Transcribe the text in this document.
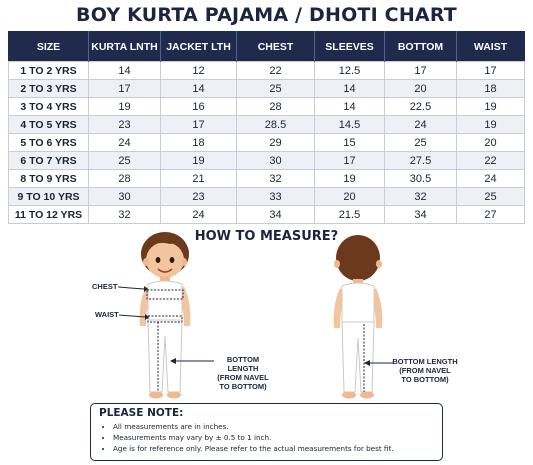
BOY KURTA PAJAMA / DHOTI CHART
SIZE	KURTA LNTH	JACKET LTH	CHEST	SLEEVES	BOTTOM	WAIST
1 TO 2 YRS	14	12	22	12.5	17	17
2 TO 3 YRS	17	14	25	14	20	18
3 TO 4 YRS	19	16	28	14	22.5	19
4 TO 5 YRS	23	17	28.5	14.5	24	19
5 TO 6 YRS	24	18	29	15	25	20
6 TO 7 YRS	25	19	30	17	27.5	22
8 TO 9 YRS	28	21	32	19	30.5	24
9 TO 10 YRS	30	23	33	20	32	25
11 TO 12 YRS	32	24	34	21.5	34	27
HOW TO MEASURE?
CHEST
WAIST
BOTTOM LENGTH
(FROM NAVEL
TO BOTTOM)
BOTTOM LENGTH
(FROM NAVEL
TO BOTTOM)
PLEASE NOTE:
• All measurements are in inches.
• Measurements may vary by ± 0.5 to 1 inch.
• Age is for reference only. Please refer to the actual measurements for best fit.
